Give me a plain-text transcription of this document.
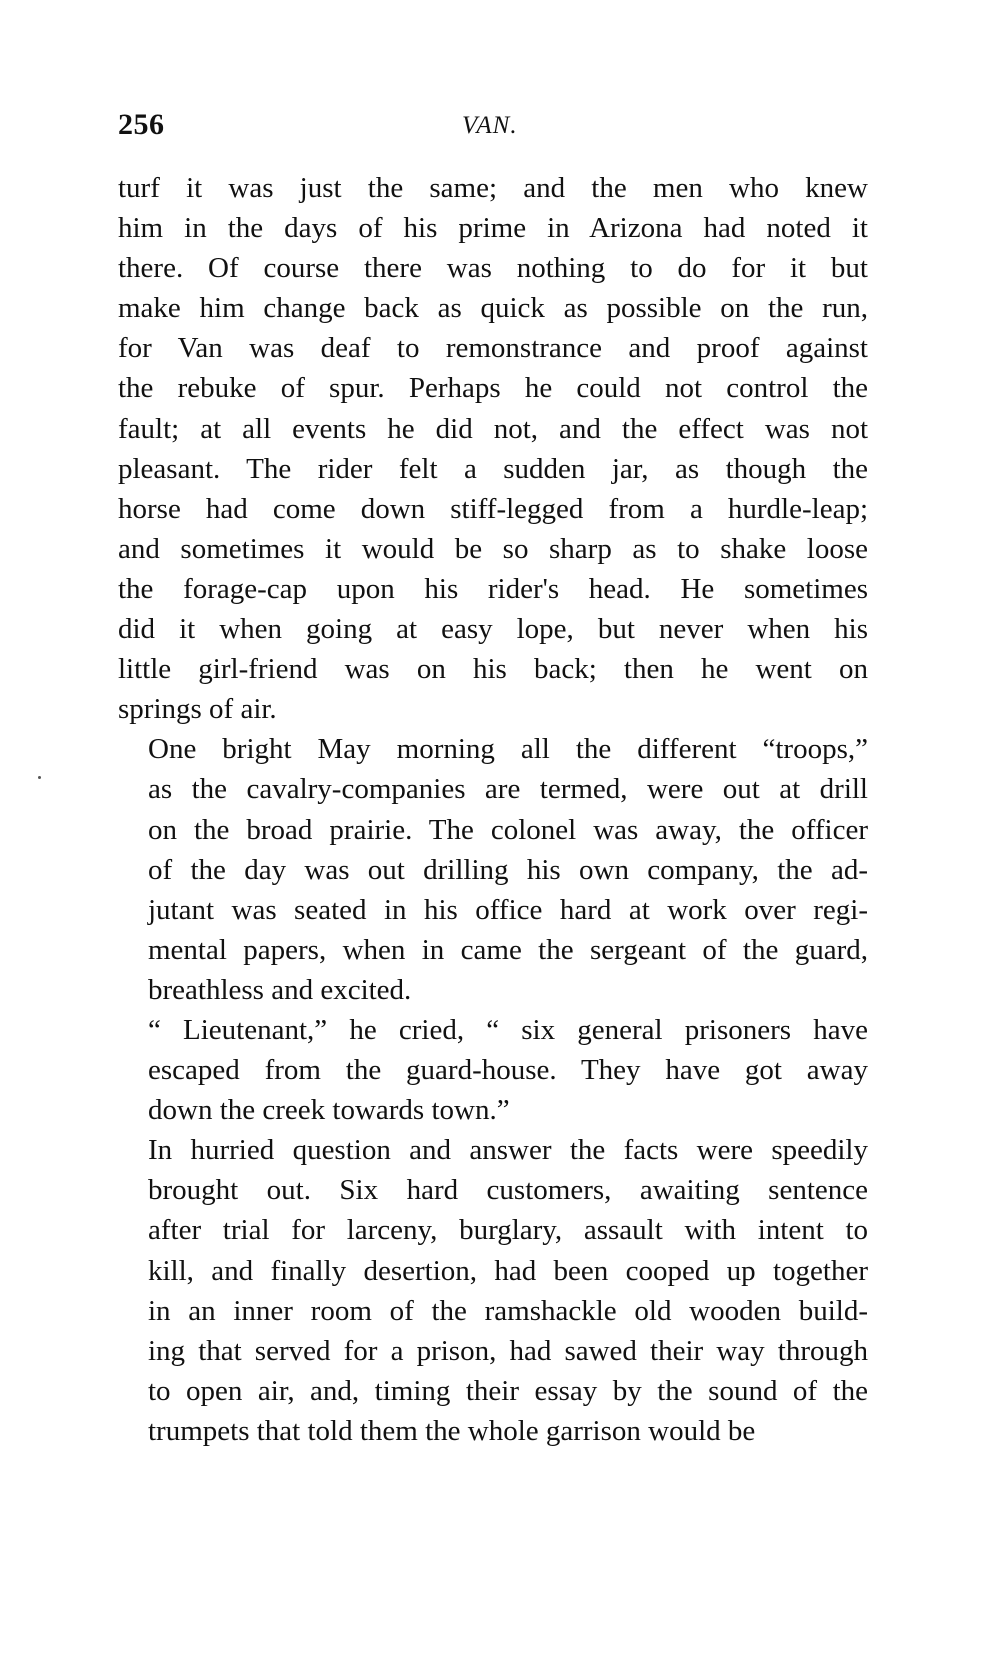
256	VAN.

turf it was just the same; and the men who knew
him in the days of his prime in Arizona had noted it
there. Of course there was nothing to do for it but
make him change back as quick as possible on the run,
for Van was deaf to remonstrance and proof against
the rebuke of spur. Perhaps he could not control the
fault; at all events he did not, and the effect was not
pleasant. The rider felt a sudden jar, as though the
horse had come down stiff-legged from a hurdle-leap;
and sometimes it would be so sharp as to shake loose
the forage-cap upon his rider's head. He sometimes
did it when going at easy lope, but never when his
little girl-friend was on his back; then he went on
springs of air.

One bright May morning all the different “troops,”
as the cavalry-companies are termed, were out at drill
on the broad prairie. The colonel was away, the officer
of the day was out drilling his own company, the ad-
jutant was seated in his office hard at work over regi-
mental papers, when in came the sergeant of the guard,
breathless and excited.

“ Lieutenant,” he cried, “ six general prisoners have
escaped from the guard-house. They have got away
down the creek towards town.”

In hurried question and answer the facts were speedily
brought out. Six hard customers, awaiting sentence
after trial for larceny, burglary, assault with intent to
kill, and finally desertion, had been cooped up together
in an inner room of the ramshackle old wooden build-
ing that served for a prison, had sawed their way through
to open air, and, timing their essay by the sound of the
trumpets that told them the whole garrison would be
